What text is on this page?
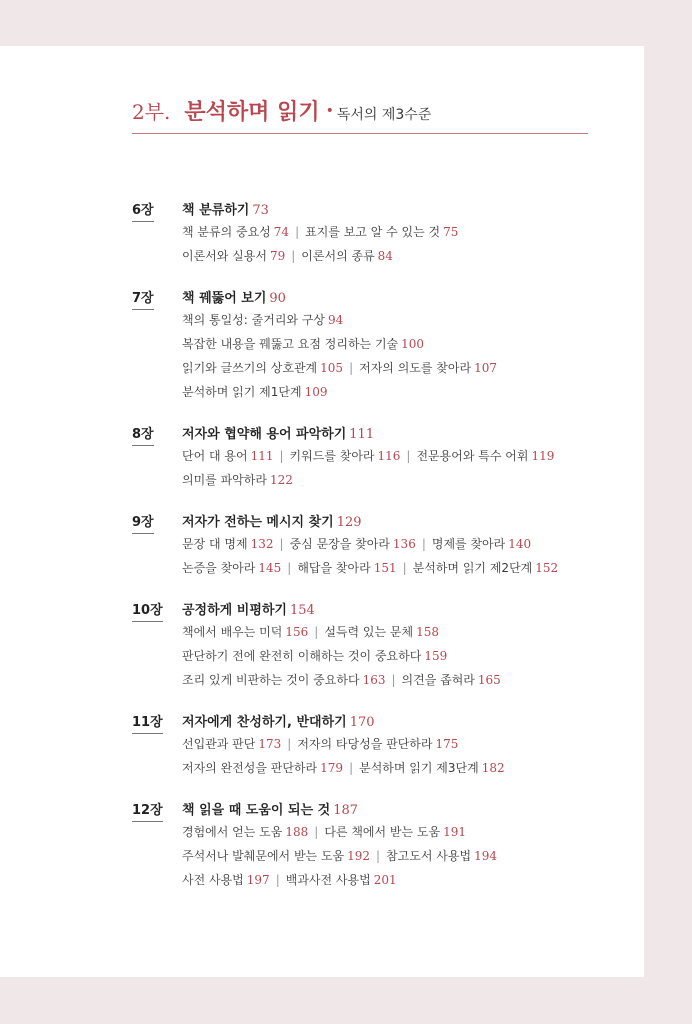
2부. 분석하며 읽기 • 독서의 제3수준
6장 책 분류하기 73
책 분류의 중요성 74 | 표지를 보고 알 수 있는 것 75
이론서와 실용서 79 | 이론서의 종류 84
7장 책 꿰뚫어 보기 90
책의 통일성: 줄거리와 구상 94
복잡한 내용을 꿰뚫고 요점 정리하는 기술 100
읽기와 글쓰기의 상호관계 105 | 저자의 의도를 찾아라 107
분석하며 읽기 제1단계 109
8장 저자와 협약해 용어 파악하기 111
단어 대 용어 111 | 키워드를 찾아라 116 | 전문용어와 특수 어휘 119
의미를 파악하라 122
9장 저자가 전하는 메시지 찾기 129
문장 대 명제 132 | 중심 문장을 찾아라 136 | 명제를 찾아라 140
논증을 찾아라 145 | 해답을 찾아라 151 | 분석하며 읽기 제2단계 152
10장 공정하게 비평하기 154
책에서 배우는 미덕 156 | 설득력 있는 문체 158
판단하기 전에 완전히 이해하는 것이 중요하다 159
조리 있게 비판하는 것이 중요하다 163 | 의견을 좁혀라 165
11장 저자에게 찬성하기, 반대하기 170
선입관과 판단 173 | 저자의 타당성을 판단하라 175
저자의 완전성을 판단하라 179 | 분석하며 읽기 제3단계 182
12장 책 읽을 때 도움이 되는 것 187
경험에서 얻는 도움 188 | 다른 책에서 받는 도움 191
주석서나 발췌문에서 받는 도움 192 | 참고도서 사용법 194
사전 사용법 197 | 백과사전 사용법 201
